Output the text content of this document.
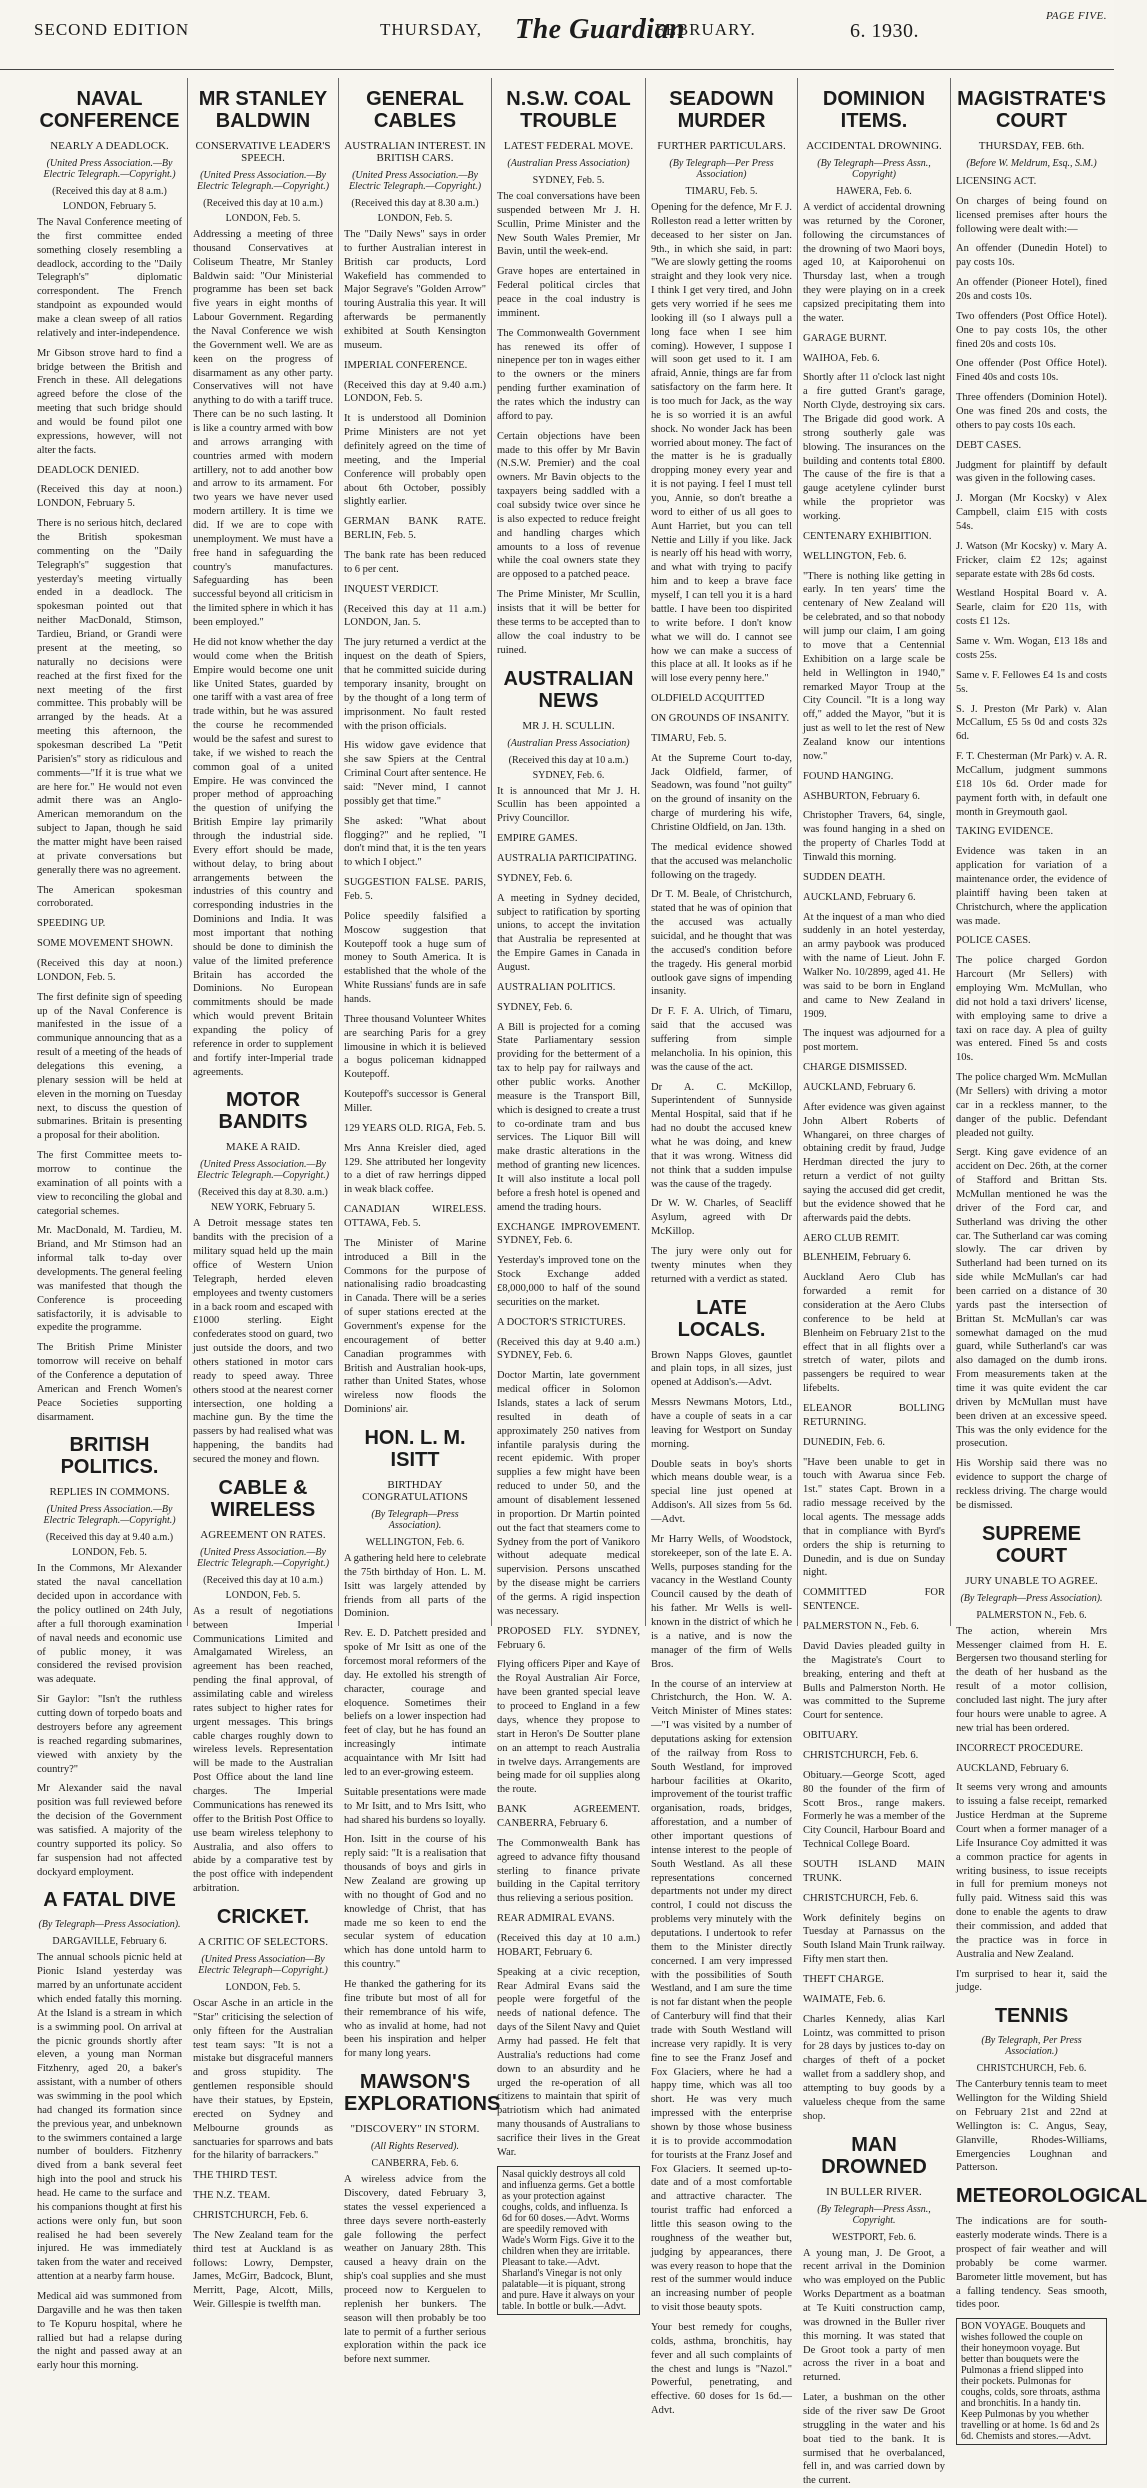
SECOND EDITION	THURSDAY, The Guardian
FEBRUARY.	6. 1930.
PAGE FIVE.
NAVAL CONFERENCE
NEARLY A DEADLOCK.
(United Press Association.—By Electric Telegraph.—Copyright.)
(Received this day at 8 a.m.)
LONDON, February 5.

The Naval Conference meeting of the first committee ended something closely resembling a deadlock, according to the "Daily Telegraph's" diplomatic correspondent. The French standpoint as expounded would make a clean sweep of all ratios relatively and inter-independence.

Mr Gibson strove hard to find a bridge between the British and French in these. All delegations agreed before the close of the meeting that such bridge should and would be found pilot one expressions, however, will not alter the facts.

DEADLOCK DENIED.

(Received this day at noon.) LONDON, February 5.

There is no serious hitch, declared the British spokesman commenting on the "Daily Telegraph's" suggestion that yesterday's meeting virtually ended in a deadlock. The spokesman pointed out that neither MacDonald, Stimson, Tardieu, Briand, or Grandi were present at the meeting, so naturally no decisions were reached at the first fixed for the next meeting of the first committee. This probably will be arranged by the heads. At a meeting this afternoon, the spokesman described La "Petit Parisien's" story as ridiculous and comments—"If it is true what we are here for." He would not even admit there was an Anglo-American memorandum on the subject to Japan, though he said the matter might have been raised at private conversations but generally there was no agreement.

The American spokesman corroborated.

SPEEDING UP.

SOME MOVEMENT SHOWN.

(Received this day at noon.) LONDON, Feb. 5.

The first definite sign of speeding up of the Naval Conference is manifested in the issue of a communique announcing that as a result of a meeting of the heads of delegations this evening, a plenary session will be held at eleven in the morning on Tuesday next, to discuss the question of submarines. Britain is presenting a proposal for their abolition.

The first Committee meets to-morrow to continue the examination of all points with a view to reconciling the global and categorial schemes.

Mr. MacDonald, M. Tardieu, M. Briand, and Mr Stimson had an informal talk to-day over developments. The general feeling was manifested that though the Conference is proceeding satisfactorily, it is advisable to expedite the programme.

The British Prime Minister tomorrow will receive on behalf of the Conference a deputation of American and French Women's Peace Societies supporting disarmament.

BRITISH POLITICS.
REPLIES IN COMMONS.
(United Press Association.—By Electric Telegraph.—Copyright.)
(Received this day at 9.40 a.m.)
LONDON, Feb. 5.

In the Commons, Mr Alexander stated the naval cancellation decided upon in accordance with the policy outlined on 24th July, after a full thorough examination of naval needs and economic use of public money, it was considered the revised provision was adequate.

Sir Gaylor: "Isn't the ruthless cutting down of torpedo boats and destroyers before any agreement is reached regarding submarines, viewed with anxiety by the country?"

Mr Alexander said the naval position was full reviewed before the decision of the Government was satisfied. A majority of the country supported its policy. So far suspension had not affected dockyard employment.

A FATAL DIVE
(By Telegraph—Press Association).
DARGAVILLE, February 6.

The annual schools picnic held at Pionic Island yesterday was marred by an unfortunate accident which ended fatally this morning. At the Island is a stream in which is a swimming pool. On arrival at the picnic grounds shortly after eleven, a young man Norman Fitzhenry, aged 20, a baker's assistant, with a number of others was swimming in the pool which had changed its formation since the previous year, and unbeknown to the swimmers contained a large number of boulders. Fitzhenry dived from a bank several feet high into the pool and struck his head. He came to the surface and his companions thought at first his actions were only fun, but soon realised he had been severely injured. He was immediately taken from the water and received attention at a nearby farm house.

Medical aid was summoned from Dargaville and he was then taken to Te Kopuru hospital, where he rallied but had a relapse during the night and passed away at an early hour this morning.

MR STANLEY BALDWIN
CONSERVATIVE LEADER'S SPEECH.
(United Press Association.—By Electric Telegraph.—Copyright.)
(Received this day at 10 a.m.)
LONDON, Feb. 5.

Addressing a meeting of three thousand Conservatives at Coliseum Theatre, Mr Stanley Baldwin said: "Our Ministerial programme has been set back five years in eight months of Labour Government. Regarding the Naval Conference we wish the Government well. We are as keen on the progress of disarmament as any other party. Conservatives will not have anything to do with a tariff truce. There can be no such lasting. It is like a country armed with bow and arrows arranging with countries armed with modern artillery, not to add another bow and arrow to its armament. For two years we have never used modern artillery. It is time we did. If we are to cope with unemployment. We must have a free hand in safeguarding the country's manufactures. Safeguarding has been successful beyond all criticism in the limited sphere in which it has been employed."

He did not know whether the day would come when the British Empire would become one unit like United States, guarded by one tariff with a vast area of free trade within, but he was assured the course he recommended would be the safest and surest to take, if we wished to reach the common goal of a united Empire. He was convinced the proper method of approaching the question of unifying the British Empire lay primarily through the industrial side. Every effort should be made, without delay, to bring about arrangements between the industries of this country and corresponding industries in the Dominions and India. It was most important that nothing should be done to diminish the value of the limited preference Britain has accorded the Dominions. No European commitments should be made which would prevent Britain expanding the policy of reference in order to supplement and fortify inter-Imperial trade agreements.

MOTOR BANDITS
MAKE A RAID.
(United Press Association.—By Electric Telegraph.—Copyright.)
(Received this day at 8.30. a.m.)
NEW YORK, February 5.

A Detroit message states ten bandits with the precision of a military squad held up the main office of Western Union Telegraph, herded eleven employees and twenty customers in a back room and escaped with £1000 sterling. Eight confederates stood on guard, two just outside the doors, and two others stationed in motor cars ready to speed away. Three others stood at the nearest corner intersection, one holding a machine gun. By the time the passers by had realised what was happening, the bandits had secured the money and flown.

CABLE & WIRELESS
AGREEMENT ON RATES.
(United Press Association.—By Electric Telegraph.—Copyright.)
(Received this day at 10 a.m.)
LONDON, Feb. 5.

As a result of negotiations between Imperial Communications Limited and Amalgamated Wireless, an agreement has been reached, pending the final approval, of assimilating cable and wireless rates subject to higher rates for urgent messages. This brings cable charges roughly down to wireless levels. Representation will be made to the Australian Post Office about the land line charges. The Imperial Communications has renewed its offer to the British Post Office to use beam wireless telephony to Australia, and also offers to abide by a comparative test by the post office with independent arbitration.

CRICKET.
A CRITIC OF SELECTORS.
(United Press Association—By Electric Telegraph—Copyright.)
LONDON, Feb. 5.

Oscar Asche in an article in the "Star" criticising the selection of only fifteen for the Australian test team says: "It is not a mistake but disgraceful manners and gross stupidity. The gentlemen responsible should have their statues, by Epstein, erected on Sydney and Melbourne grounds as sanctuaries for sparrows and bats for the hilarity of barrackers."

THE THIRD TEST.

THE N.Z. TEAM.

CHRISTCHURCH, Feb. 6.

The New Zealand team for the third test at Auckland is as follows: Lowry, Dempster, James, McGirr, Badcock, Blunt, Merritt, Page, Alcott, Mills, Weir. Gillespie is twelfth man.

GENERAL CABLES
AUSTRALIAN INTEREST. IN BRITISH CARS.
(United Press Association.—By Electric Telegraph.—Copyright.)
(Received this day at 8.30 a.m.)
LONDON, Feb. 5.

The "Daily News" says in order to further Australian interest in British car products, Lord Wakefield has commended to Major Segrave's "Golden Arrow" touring Australia this year. It will afterwards be permanently exhibited at South Kensington museum.

IMPERIAL CONFERENCE.

(Received this day at 9.40 a.m.) LONDON, Feb. 5.

It is understood all Dominion Prime Ministers are not yet definitely agreed on the time of meeting, and the Imperial Conference will probably open about 6th October, possibly slightly earlier.

GERMAN BANK RATE. BERLIN, Feb. 5.

The bank rate has been reduced to 6 per cent.

INQUEST VERDICT.

(Received this day at 11 a.m.) LONDON, Jan. 5.

The jury returned a verdict at the inquest on the death of Spiers, that he committed suicide during temporary insanity, brought on by the thought of a long term of imprisonment. No fault rested with the prison officials.

His widow gave evidence that she saw Spiers at the Central Criminal Court after sentence. He said: "Never mind, I cannot possibly get that time."

She asked: "What about flogging?" and he replied, "I don't mind that, it is the ten years to which I object."

SUGGESTION FALSE. PARIS, Feb. 5.

Police speedily falsified a Moscow suggestion that Koutepoff took a huge sum of money to South America. It is established that the whole of the White Russians' funds are in safe hands.

Three thousand Volunteer Whites are searching Paris for a grey limousine in which it is believed a bogus policeman kidnapped Koutepoff.

Koutepoff's successor is General Miller.

129 YEARS OLD. RIGA, Feb. 5.

Mrs Anna Kreisler died, aged 129. She attributed her longevity to a diet of raw herrings dipped in weak black coffee.

CANADIAN WIRELESS. OTTAWA, Feb. 5.

The Minister of Marine introduced a Bill in the Commons for the purpose of nationalising radio broadcasting in Canada. There will be a series of super stations erected at the Government's expense for the encouragement of better Canadian programmes with British and Australian hook-ups, rather than United States, whose wireless now floods the Dominions' air.

HON. L. M. ISITT
BIRTHDAY CONGRATULATIONS
(By Telegraph—Press Association).
WELLINGTON, Feb. 6.

A gathering held here to celebrate the 75th birthday of Hon. L. M. Isitt was largely attended by friends from all parts of the Dominion.

Rev. E. D. Patchett presided and spoke of Mr Isitt as one of the forcemost moral reformers of the day. He extolled his strength of character, courage and eloquence. Sometimes their beliefs on a lower inspection had feet of clay, but he has found an increasingly intimate acquaintance with Mr Isitt had led to an ever-growing esteem.

Suitable presentations were made to Mr Isitt, and to Mrs Isitt, who had shared his burdens so loyally.

Hon. Isitt in the course of his reply said: "It is a realisation that thousands of boys and girls in New Zealand are growing up with no thought of God and no knowledge of Christ, that has made me so keen to end the secular system of education which has done untold harm to this country."

He thanked the gathering for its fine tribute but most of all for their remembrance of his wife, who as invalid at home, had not been his inspiration and helper for many long years.

MAWSON'S EXPLORATIONS
"DISCOVERY" IN STORM.
(All Rights Reserved).
CANBERRA, Feb. 6.

A wireless advice from the Discovery, dated February 3, states the vessel experienced a three days severe north-easterly gale following the perfect weather on January 28th. This caused a heavy drain on the ship's coal supplies and she must proceed now to Kerguelen to replenish her bunkers. The season will then probably be too late to permit of a further serious exploration within the pack ice before next summer.

N.S.W. COAL TROUBLE
LATEST FEDERAL MOVE.
(Australian Press Association)
SYDNEY, Feb. 5.

The coal conversations have been suspended between Mr J. H. Scullin, Prime Minister and the New South Wales Premier, Mr Bavin, until the week-end.

Grave hopes are entertained in Federal political circles that peace in the coal industry is imminent.

The Commonwealth Government has renewed its offer of ninepence per ton in wages either to the owners or the miners pending further examination of the rates which the industry can afford to pay.

Certain objections have been made to this offer by Mr Bavin (N.S.W. Premier) and the coal owners. Mr Bavin objects to the taxpayers being saddled with a coal subsidy twice over since he is also expected to reduce freight and handling charges which amounts to a loss of revenue while the coal owners state they are opposed to a patched peace.

The Prime Minister, Mr Scullin, insists that it will be better for these terms to be accepted than to allow the coal industry to be ruined.

AUSTRALIAN NEWS
MR J. H. SCULLIN.
(Australian Press Association)
(Received this day at 10 a.m.)
SYDNEY, Feb. 6.

It is announced that Mr J. H. Scullin has been appointed a Privy Councillor.

EMPIRE GAMES.

AUSTRALIA PARTICIPATING.

SYDNEY, Feb. 6.

A meeting in Sydney decided, subject to ratification by sporting unions, to accept the invitation that Australia be represented at the Empire Games in Canada in August.

AUSTRALIAN POLITICS.

SYDNEY, Feb. 6.

A Bill is projected for a coming State Parliamentary session providing for the betterment of a tax to help pay for railways and other public works. Another measure is the Transport Bill, which is designed to create a trust to co-ordinate tram and bus services. The Liquor Bill will make drastic alterations in the method of granting new licences. It will also institute a local poll before a fresh hotel is opened and amend the trading hours.

EXCHANGE IMPROVEMENT. SYDNEY, Feb. 6.

Yesterday's improved tone on the Stock Exchange added £8,000,000 to half of the sound securities on the market.

A DOCTOR'S STRICTURES.

(Received this day at 9.40 a.m.) SYDNEY, Feb. 6.

Doctor Martin, late government medical officer in Solomon Islands, states a lack of serum resulted in death of approximately 250 natives from infantile paralysis during the recent epidemic. With proper supplies a few might have been reduced to under 50, and the amount of disablement lessened in proportion. Dr Martin pointed out the fact that steamers come to Sydney from the port of Vanikoro without adequate medical supervision. Persons unscathed by the disease might be carriers of the germs. A rigid inspection was necessary.

PROPOSED FLY. SYDNEY, February 6.

Flying officers Piper and Kaye of the Royal Australian Air Force, have been granted special leave to proceed to England in a few days, whence they propose to start in Heron's De Soutter plane on an attempt to reach Australia in twelve days. Arrangements are being made for oil supplies along the route.

BANK AGREEMENT. CANBERRA, February 6.

The Commonwealth Bank has agreed to advance fifty thousand sterling to finance private building in the Capital territory thus relieving a serious position.

REAR ADMIRAL EVANS.

(Received this day at 10 a.m.) HOBART, February 6.

Speaking at a civic reception, Rear Admiral Evans said the people were forgetful of the needs of national defence. The days of the Silent Navy and Quiet Army had passed. He felt that Australia's reductions had come down to an absurdity and he urged the re-operation of all citizens to maintain that spirit of patriotism which had animated many thousands of Australians to sacrifice their lives in the Great War.

Nasal quickly destroys all cold and influenza germs. Get a bottle as your protection against coughs, colds, and influenza. Is 6d for 60 doses.—Advt. Worms are speedily removed with Wade's Worm Figs. Give it to the children when they are irritable. Pleasant to take.—Advt. Sharland's Vinegar is not only palatable—it is piquant, strong and pure. Have it always on your table. In bottle or bulk.—Advt.
SEADOWN MURDER
FURTHER PARTICULARS.
(By Telegraph—Per Press Association)
TIMARU, Feb. 5.

Opening for the defence, Mr F. J. Rolleston read a letter written by deceased to her sister on Jan. 9th., in which she said, in part: "We are slowly getting the rooms straight and they look very nice. I think I get very tired, and John gets very worried if he sees me looking ill (so I always pull a long face when I see him coming). However, I suppose I will soon get used to it. I am afraid, Annie, things are far from satisfactory on the farm here. It is too much for Jack, as the way he is so worried it is an awful shock. No wonder Jack has been worried about money. The fact of the matter is he is gradually dropping money every year and it is not paying. I feel I must tell you, Annie, so don't breathe a word to either of us all goes to Aunt Harriet, but you can tell Nettie and Lilly if you like. Jack is nearly off his head with worry, and what with trying to pacify him and to keep a brave face myself, I can tell you it is a hard battle. I have been too dispirited to write before. I don't know what we will do. I cannot see how we can make a success of this place at all. It looks as if he will lose every penny here."

OLDFIELD ACQUITTED

ON GROUNDS OF INSANITY.

TIMARU, Feb. 5.

At the Supreme Court to-day, Jack Oldfield, farmer, of Seadown, was found "not guilty" on the ground of insanity on the charge of murdering his wife, Christine Oldfield, on Jan. 13th.

The medical evidence showed that the accused was melancholic following on the tragedy.

Dr T. M. Beale, of Christchurch, stated that he was of opinion that the accused was actually suicidal, and he thought that was the accused's condition before the tragedy. His general morbid outlook gave signs of impending insanity.

Dr F. F. A. Ulrich, of Timaru, said that the accused was suffering from simple melancholia. In his opinion, this was the cause of the act.

Dr A. C. McKillop, Superintendent of Sunnyside Mental Hospital, said that if he had no doubt the accused knew what he was doing, and knew that it was wrong. Witness did not think that a sudden impulse was the cause of the tragedy.

Dr W. W. Charles, of Seacliff Asylum, agreed with Dr McKillop.

The jury were only out for twenty minutes when they returned with a verdict as stated.

LATE LOCALS.

Brown Napps Gloves, gauntlet and plain tops, in all sizes, just opened at Addison's.—Advt.

Messrs Newmans Motors, Ltd., have a couple of seats in a car leaving for Westport on Sunday morning.

Double seats in boy's shorts which means double wear, is a special line just opened at Addison's. All sizes from 5s 6d.—Advt.

Mr Harry Wells, of Woodstock, storekeeper, son of the late E. A. Wells, purposes standing for the vacancy in the Westland County Council caused by the death of his father. Mr Wells is well-known in the district of which he is a native, and is now the manager of the firm of Wells Bros.

In the course of an interview at Christchurch, the Hon. W. A. Veitch Minister of Mines states:—"I was visited by a number of deputations asking for extension of the railway from Ross to South Westland, for improved harbour facilities at Okarito, improvement of the tourist traffic organisation, roads, bridges, afforestation, and a number of other important questions of intense interest to the people of South Westland. As all these representations concerned departments not under my direct control, I could not discuss the problems very minutely with the deputations. I undertook to refer them to the Minister directly concerned. I am very impressed with the possibilities of South Westland, and I am sure the time is not far distant when the people of Canterbury will find that their trade with South Westland will increase very rapidly. It is very fine to see the Franz Josef and Fox Glaciers, where he had a happy time, which was all too short. He was very much impressed with the enterprise shown by those whose business it is to provide accommodation for tourists at the Franz Josef and Fox Glaciers. It seemed up-to-date and of a most comfortable and attractive character. The tourist traffic had enforced a little this season owing to the roughness of the weather but, judging by appearances, there was every reason to hope that the rest of the summer would induce an increasing number of people to visit those beauty spots.

Your best remedy for coughs, colds, asthma, bronchitis, hay fever and all such complaints of the chest and lungs is "Nazol." Powerful, penetrating, and effective. 60 doses for 1s 6d.—Advt.

DOMINION ITEMS.
ACCIDENTAL DROWNING.
(By Telegraph—Press Assn., Copyright)
HAWERA, Feb. 6.

A verdict of accidental drowning was returned by the Coroner, following the circumstances of the drowning of two Maori boys, aged 10, at Kaiporohenui on Thursday last, when a trough they were playing on in a creek capsized precipitating them into the water.

GARAGE BURNT.

WAIHOA, Feb. 6.

Shortly after 11 o'clock last night a fire gutted Grant's garage, North Clyde, destroying six cars. The Brigade did good work. A strong southerly gale was blowing. The insurances on the building and contents total £800. The cause of the fire is that a gauge acetylene cylinder burst while the proprietor was working.

CENTENARY EXHIBITION.

WELLINGTON, Feb. 6.

"There is nothing like getting in early. In ten years' time the centenary of New Zealand will be celebrated, and so that nobody will jump our claim, I am going to move that a Centennial Exhibition on a large scale be held in Wellington in 1940," remarked Mayor Troup at the City Council. "It is a long way off," added the Mayor, "but it is just as well to let the rest of New Zealand know our intentions now."

FOUND HANGING.

ASHBURTON, February 6.

Christopher Travers, 64, single, was found hanging in a shed on the property of Charles Todd at Tinwald this morning.

SUDDEN DEATH.

AUCKLAND, February 6.

At the inquest of a man who died suddenly in an hotel yesterday, an army paybook was produced with the name of Lieut. John F. Walker No. 10/2899, aged 41. He was said to be born in England and came to New Zealand in 1909.

The inquest was adjourned for a post mortem.

CHARGE DISMISSED.

AUCKLAND, February 6.

After evidence was given against John Albert Roberts of Whangarei, on three charges of obtaining credit by fraud, Judge Herdman directed the jury to return a verdict of not guilty saying the accused did get credit, but the evidence showed that he afterwards paid the debts.

AERO CLUB REMIT.

BLENHEIM, February 6.

Auckland Aero Club has forwarded a remit for consideration at the Aero Clubs conference to be held at Blenheim on February 21st to the effect that in all flights over a stretch of water, pilots and passengers be required to wear lifebelts.

ELEANOR BOLLING RETURNING.

DUNEDIN, Feb. 6.

"Have been unable to get in touch with Awarua since Feb. 1st." states Capt. Brown in a radio message received by the local agents. The message adds that in compliance with Byrd's orders the ship is returning to Dunedin, and is due on Sunday night.

COMMITTED FOR SENTENCE.

PALMERSTON N., Feb. 6.

David Davies pleaded guilty in the Magistrate's Court to breaking, entering and theft at Bulls and Palmerston North. He was committed to the Supreme Court for sentence.

OBITUARY.

CHRISTCHURCH, Feb. 6.

Obituary.—George Scott, aged 80 the founder of the firm of Scott Bros., range makers. Formerly he was a member of the City Council, Harbour Board and Technical College Board.

SOUTH ISLAND MAIN TRUNK.

CHRISTCHURCH, Feb. 6.

Work definitely begins on Tuesday at Parnassus on the South Island Main Trunk railway. Fifty men start then.

THEFT CHARGE.

WAIMATE, Feb. 6.

Charles Kennedy, alias Karl Lointz, was committed to prison for 28 days by justices to-day on charges of theft of a pocket wallet from a saddlery shop, and attempting to buy goods by a valueless cheque from the same shop.

MAN DROWNED
IN BULLER RIVER.
(By Telegraph—Press Assn., Copyright.
WESTPORT, Feb. 6.

A young man, J. De Groot, a recent arrival in the Dominion who was employed on the Public Works Department as a boatman at Te Kuiti construction camp, was drowned in the Buller river this morning. It was stated that De Groot took a party of men across the river in a boat and returned.

Later, a bushman on the other side of the river saw De Groot struggling in the water and his boat tied to the bank. It is surmised that he overbalanced, fell in, and was carried down by the current.

MAGISTRATE'S COURT
THURSDAY, FEB. 6th.
(Before W. Meldrum, Esq., S.M.)

LICENSING ACT.

On charges of being found on licensed premises after hours the following were dealt with:—

An offender (Dunedin Hotel) to pay costs 10s.

An offender (Pioneer Hotel), fined 20s and costs 10s.

Two offenders (Post Office Hotel). One to pay costs 10s, the other fined 20s and costs 10s.

One offender (Post Office Hotel). Fined 40s and costs 10s.

Three offenders (Dominion Hotel). One was fined 20s and costs, the others to pay costs 10s each.

DEBT CASES.

Judgment for plaintiff by default was given in the following cases.

J. Morgan (Mr Kocsky) v Alex Campbell, claim £15 with costs 54s.

J. Watson (Mr Kocsky) v. Mary A. Fricker, claim £2 12s; against separate estate with 28s 6d costs.

Westland Hospital Board v. A. Searle, claim for £20 11s, with costs £1 12s.

Same v. Wm. Wogan, £13 18s and costs 25s.

Same v. F. Fellowes £4 1s and costs 5s.

S. J. Preston (Mr Park) v. Alan McCallum, £5 5s 0d and costs 32s 6d.

F. T. Chesterman (Mr Park) v. A. R. McCallum, judgment summons £18 10s 6d. Order made for payment forth with, in default one month in Greymouth gaol.

TAKING EVIDENCE.

Evidence was taken in an application for variation of a maintenance order, the evidence of plaintiff having been taken at Christchurch, where the application was made.

POLICE CASES.

The police charged Gordon Harcourt (Mr Sellers) with employing Wm. McMullan, who did not hold a taxi drivers' license, with employing same to drive a taxi on race day. A plea of guilty was entered. Fined 5s and costs 10s.

The police charged Wm. McMullan (Mr Sellers) with driving a motor car in a reckless manner, to the danger of the public. Defendant pleaded not guilty.

Sergt. King gave evidence of an accident on Dec. 26th, at the corner of Stafford and Brittan Sts. McMullan mentioned he was the driver of the Ford car, and Sutherland was driving the other car. The Sutherland car was coming slowly. The car driven by Sutherland had been turned on its side while McMullan's car had been carried on a distance of 30 yards past the intersection of Brittan St. McMullan's car was somewhat damaged on the mud guard, while Sutherland's car was also damaged on the dumb irons. From measurements taken at the time it was quite evident the car driven by McMullan must have been driven at an excessive speed. This was the only evidence for the prosecution.

His Worship said there was no evidence to support the charge of reckless driving. The charge would be dismissed.

SUPREME COURT
JURY UNABLE TO AGREE.
(By Telegraph—Press Association).
PALMERSTON N., Feb. 6.

The action, wherein Mrs Messenger claimed from H. E. Bergersen two thousand sterling for the death of her husband as the result of a motor collision, concluded last night. The jury after four hours were unable to agree. A new trial has been ordered.

INCORRECT PROCEDURE.

AUCKLAND, February 6.

It seems very wrong and amounts to issuing a false receipt, remarked Justice Herdman at the Supreme Court when a former manager of a Life Insurance Coy admitted it was a common practice for agents in writing business, to issue receipts in full for premium moneys not fully paid. Witness said this was done to enable the agents to draw their commission, and added that the practice was in force in Australia and New Zealand.

I'm surprised to hear it, said the judge.

TENNIS
(By Telegraph, Per Press Association.)
CHRISTCHURCH, Feb. 6.

The Canterbury tennis team to meet Wellington for the Wilding Shield on February 21st and 22nd at Wellington is: C. Angus, Seay, Glanville, Rhodes-Williams, Emergencies Loughnan and Patterson.

METEOROLOGICAL

The indications are for south-easterly moderate winds. There is a prospect of fair weather and will probably be come warmer. Barometer little movement, but has a falling tendency. Seas smooth, tides poor.

BON VOYAGE. Bouquets and wishes followed the couple on their honeymoon voyage. But better than bouquets were the Pulmonas a friend slipped into their pockets. Pulmonas for coughs, colds, sore throats, asthma and bronchitis. In a handy tin. Keep Pulmonas by you whether travelling or at home. 1s 6d and 2s 6d. Chemists and stores.—Advt.
